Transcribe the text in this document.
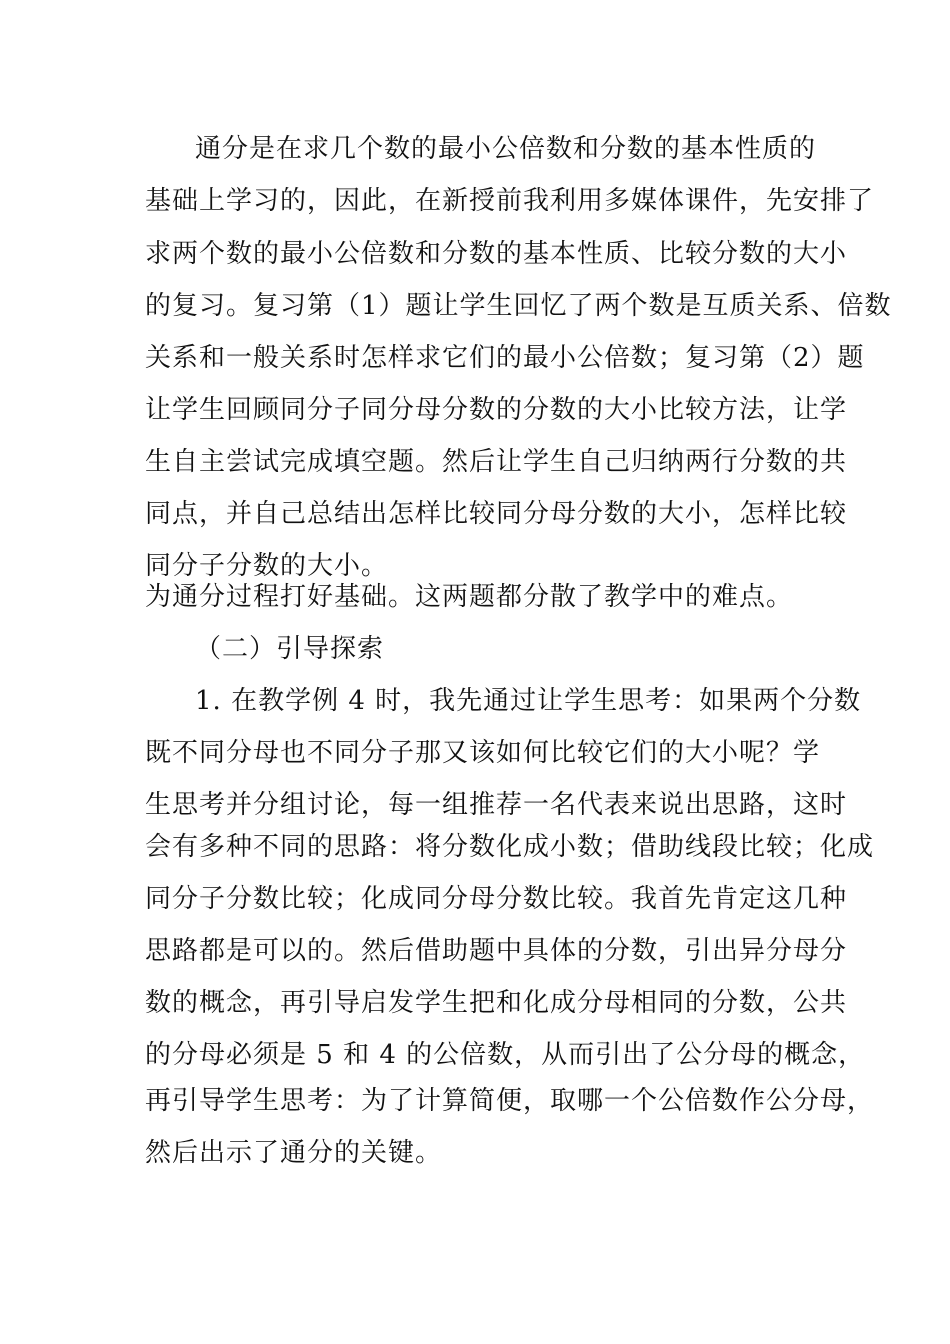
通分是在求几个数的最小公倍数和分数的基本性质的
基础上学习的，因此，在新授前我利用多媒体课件，先安排了
求两个数的最小公倍数和分数的基本性质、比较分数的大小
的复习。复习第（1）题让学生回忆了两个数是互质关系、倍数
关系和一般关系时怎样求它们的最小公倍数；复习第（2）题
让学生回顾同分子同分母分数的分数的大小比较方法，让学
生自主尝试完成填空题。然后让学生自己归纳两行分数的共
同点，并自己总结出怎样比较同分母分数的大小，怎样比较
同分子分数的大小。
为通分过程打好基础。这两题都分散了教学中的难点。
（二）引导探索
1. 在教学例 4 时，我先通过让学生思考：如果两个分数
既不同分母也不同分子那又该如何比较它们的大小呢？学
生思考并分组讨论，每一组推荐一名代表来说出思路，这时
会有多种不同的思路：将分数化成小数；借助线段比较；化成
同分子分数比较；化成同分母分数比较。我首先肯定这几种
思路都是可以的。然后借助题中具体的分数，引出异分母分
数的概念，再引导启发学生把和化成分母相同的分数，公共
的分母必须是 5 和 4 的公倍数，从而引出了公分母的概念，
再引导学生思考：为了计算简便，取哪一个公倍数作公分母，
然后出示了通分的关键。
